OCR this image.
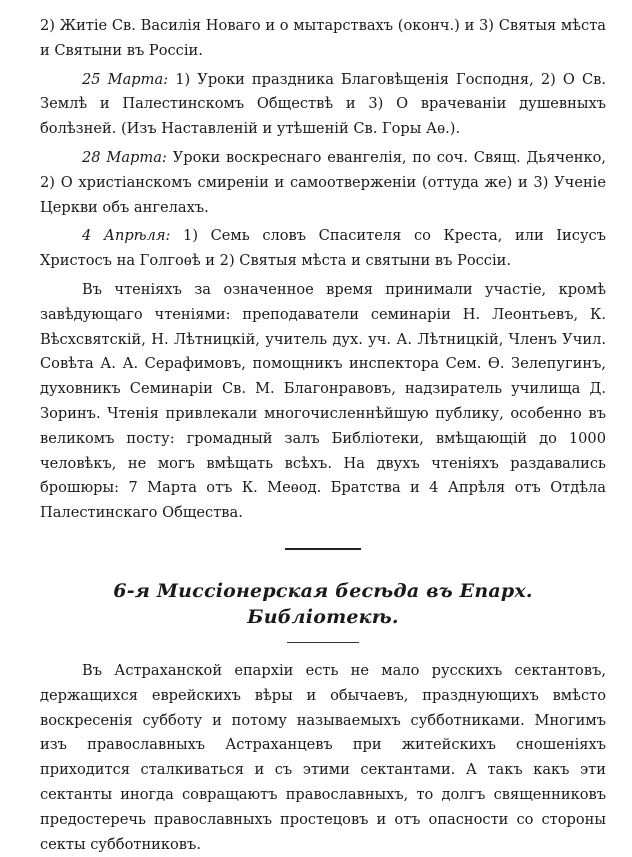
2) Житіе Св. Василія Новаго и о мытарствахъ (оконч.) и 3) Святыя мѣста и Святыни въ Россіи.

25 Марта: 1) Уроки праздника Благовѣщенія Господня, 2) О Св. Землѣ и Палестинскомъ Обществѣ и 3) О врачеваніи душевныхъ болѣзней. (Изъ Наставленій и утѣшеній Св. Горы Аѳ.).

28 Марта: Уроки воскреснаго евангелія, по соч. Свящ. Дьяченко, 2) О христіанскомъ смиреніи и самоотверженіи (оттуда же) и 3) Ученіе Церкви объ ангелахъ.

4 Апрѣля: 1) Семь словъ Спасителя со Креста, или Іисусъ Христосъ на Голгоѳѣ и 2) Святыя мѣста и святыни въ Россіи.

Въ чтеніяхъ за означенное время принимали участіе, кромѣ завѣдующаго чтеніями: преподаватели семинаріи Н. Леонтьевъ, К. Вѣсхсвятскій, Н. Лѣтницкій, учитель дух. уч. А. Лѣтницкій, Членъ Учил. Совѣта А. А. Серафимовъ, помощникъ инспектора Сем. Ѳ. Зелепугинъ, духовникъ Семинаріи Св. М. Благонравовъ, надзиратель училища Д. Зоринъ. Чтенія привлекали многочисленнѣйшую публику, особенно въ великомъ посту: громадный залъ Библіотеки, вмѣщающій до 1000 человѣкъ, не могъ вмѣщать всѣхъ. На двухъ чтеніяхъ раздавались брошюры: 7 Марта отъ К. Меѳод. Братства и 4 Апрѣля отъ Отдѣла Палестинскаго Общества.

6-я Миссіонерская бесѣда въ Епарх. Библіотекѣ.

Въ Астраханской епархіи есть не мало русскихъ сектантовъ, держащихся еврейскихъ вѣры и обычаевъ, празднующихъ вмѣсто воскресенія субботу и потому называемыхъ субботниками. Многимъ изъ православныхъ Астраханцевъ при житейскихъ сношеніяхъ приходится сталкиваться и съ этими сектантами. А такъ какъ эти сектанты иногда совращаютъ православныхъ, то долгъ священниковъ предостеречь православныхъ простецовъ и отъ опасности со стороны секты субботниковъ.
